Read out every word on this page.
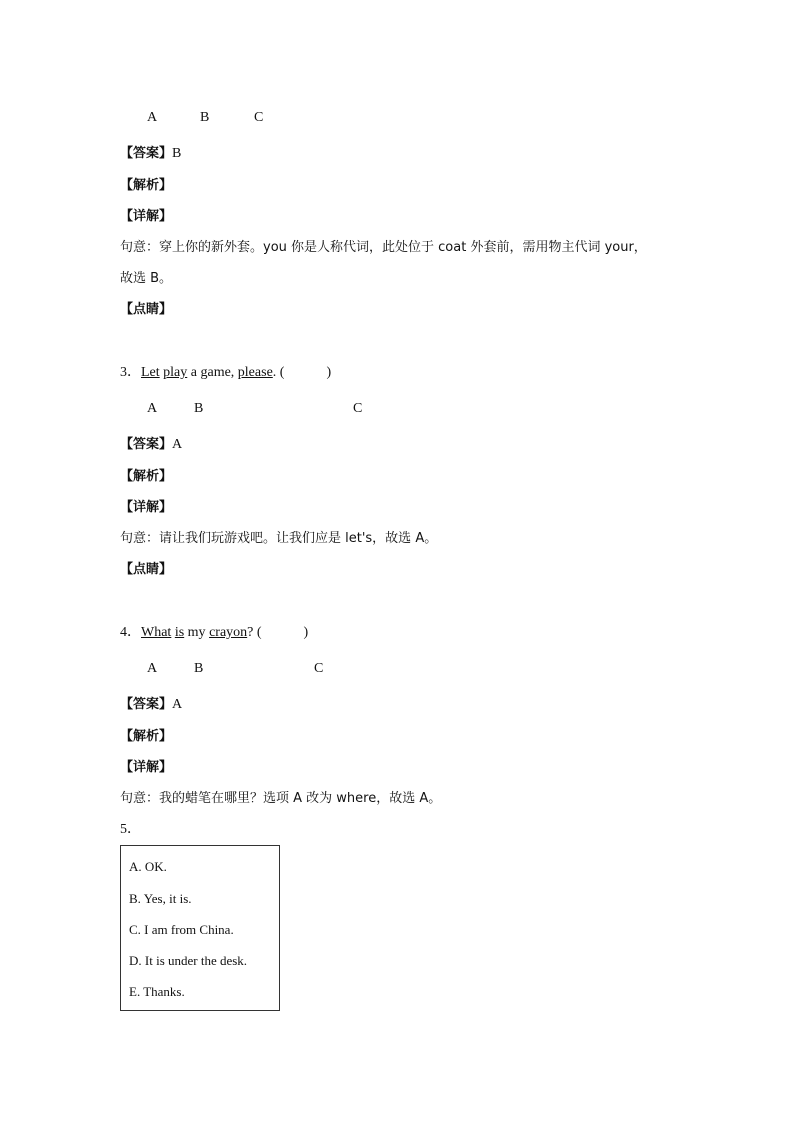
A	B	C
【答案】B
【解析】
【详解】
句意：穿上你的新外套。you 你是人称代词，此处位于 coat 外套前，需用物主代词 your，
故选 B。
【点睛】
3．Let play a game, please. (　　　)
A	B	C
【答案】A
【解析】
【详解】
句意：请让我们玩游戏吧。让我们应是 let's，故选 A。
【点睛】
4．What is my crayon? (　　　)
A	B	C
【答案】A
【解析】
【详解】
句意：我的蜡笔在哪里？选项 A 改为 where，故选 A。
5．
A. OK.
B. Yes, it is.
C. I am from China.
D. It is under the desk.
E. Thanks.
